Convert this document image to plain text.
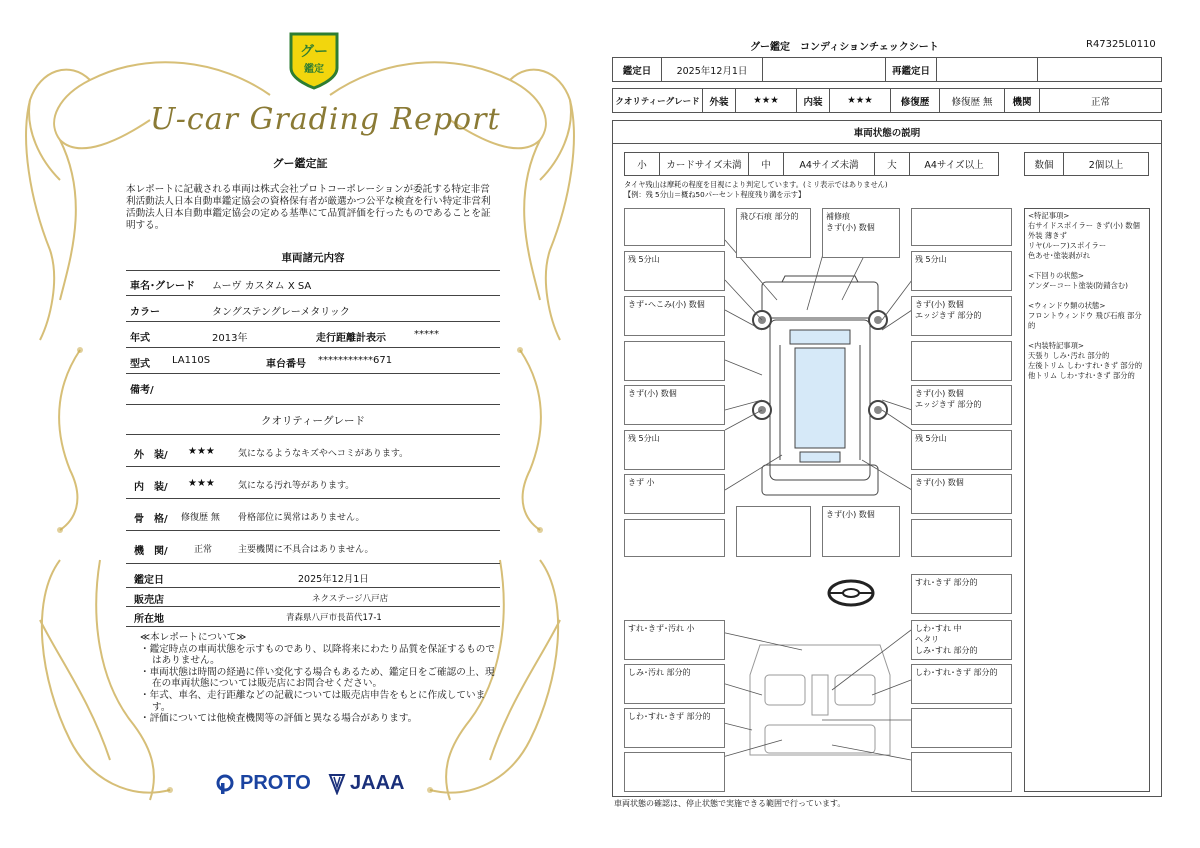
グー
鑑定
U-car Grading Report
グー鑑定証
本レポートに記載される車両は株式会社プロトコーポレーションが委託する特定非営利活動法人日本自動車鑑定協会の資格保有者が厳選かつ公平な検査を行い特定非営利活動法人日本自動車鑑定協会の定める基準にて品質評価を行ったものであることを証明する。
車両諸元内容
車名･グレード ムーヴ カスタム X SA
カラー	タングステングレーメタリック
年式	2013年	走行距離計表示	*****
型式 LA110S	車台番号 ***********671
備考/
クオリティーグレード
外　装/ ★★★	気になるようなキズやヘコミがあります。
内　装/ ★★★	気になる汚れ等があります。
骨　格/ 修復歴 無 骨格部位に異常はありません。
機　関/	正常	主要機関に不具合はありません。
鑑定日	2025年12月1日
販売店	ネクステージ八戸店
所在地	青森県八戸市長苗代17-1
≪本レポートについて≫
・鑑定時点の車両状態を示すものであり、以降将来にわたり品質を保証するものではありません。
・車両状態は時間の経過に伴い変化する場合もあるため、鑑定日をご確認の上、現在の車両状態については販売店にお問合せください。
・年式、車名、走行距離などの記載については販売店申告をもとに作成しています。
・評価については他検査機関等の評価と異なる場合があります。
PROTO JAAA
グー鑑定　コンディションチェックシート	R47325L0110
鑑定日	2025年12月1日	再鑑定日
クオリティーグレード	外装	★★★	内装	★★★	修復歴	修復歴 無	機関	正常
車両状態の説明
小	カードサイズ未満	中	A4サイズ未満	大	A4サイズ以上	数個	2個以上
タイヤ残山は摩耗の程度を目視により判定しています。(ミリ表示ではありません)
【例：残 5分山＝概ね50パーセント程度残り溝を示す】
飛び石痕 部分的	補修痕
きず(小) 数個
残 5分山
きず･へこみ(小) 数個
きず(小) 数個
残 5分山
きず 小
残 5分山
きず(小) 数個
エッジきず 部分的
きず(小) 数個
エッジきず 部分的
残 5分山
きず(小) 数個
きず(小) 数個
すれ･きず 部分的
すれ･きず･汚れ 小
しみ･汚れ 部分的
しわ･すれ･きず 部分的
しわ･すれ 中
へタリ
しみ･すれ 部分的
しわ･すれ･きず 部分的
<特記事項>
右サイドスポイラー きず(小) 数個
外装 薄きず
リヤ(ルーフ)スポイラー
色あせ･塗装剥がれ

<下回りの状態>
アンダーコート塗装(防錆含む)

<ウィンドウ類の状態>
フロントウィンドウ 飛び石痕 部分的

<内装特記事項>
天張り しみ･汚れ 部分的
左後トリム しわ･すれ･きず 部分的
他トリム しわ･すれ･きず 部分的
車両状態の確認は、停止状態で実施できる範囲で行っています。
